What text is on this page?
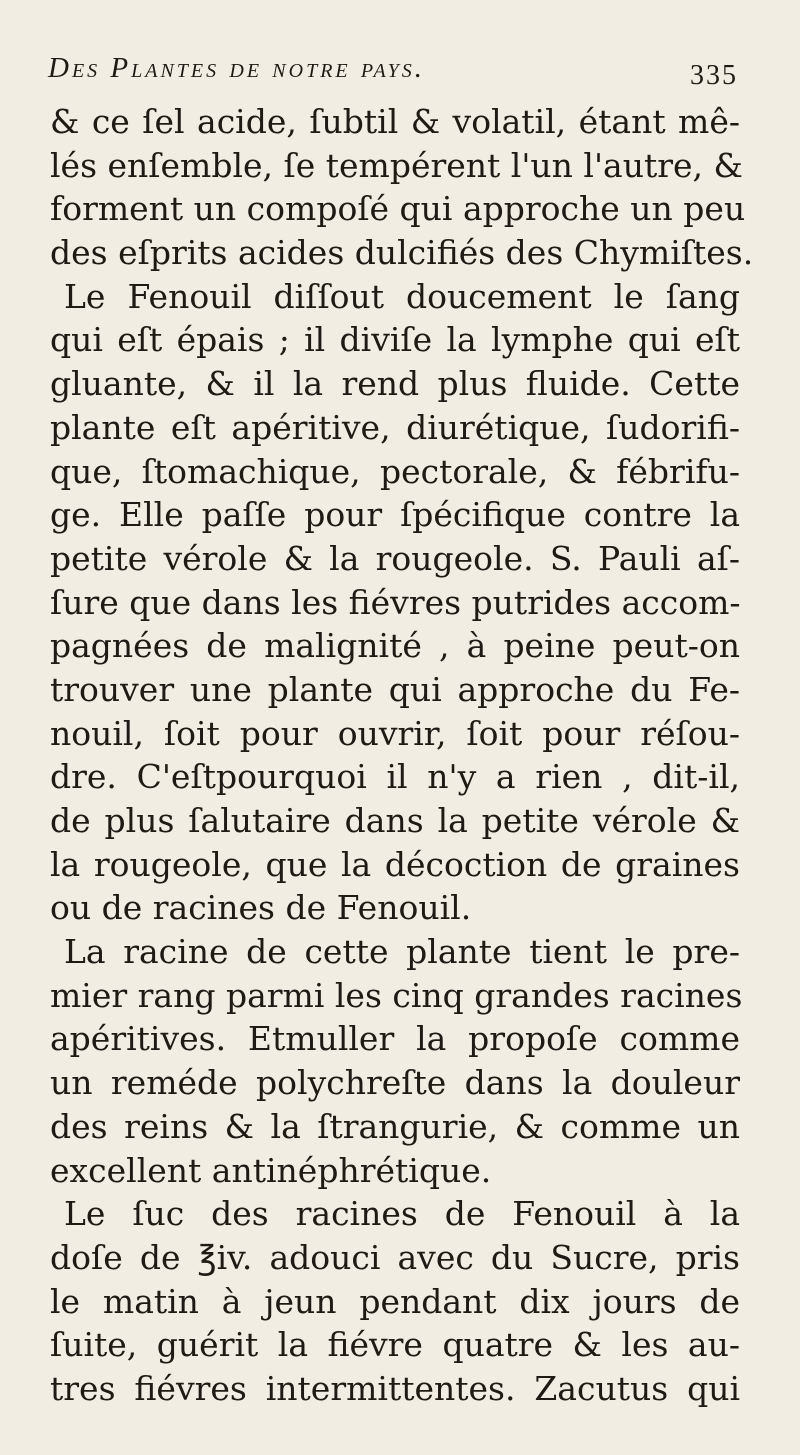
Des Plantes de notre pays.	335
& ce ſel acide, ſubtil & volatil, étant mê-
lés enſemble, ſe tempérent l'un l'autre, &
forment un compoſé qui approche un peu
des eſprits acides dulcifiés des Chymiſtes.
Le Fenouil diſſout doucement le ſang
qui eſt épais ; il diviſe la lymphe qui eſt
gluante, & il la rend plus fluide. Cette
plante eſt apéritive, diurétique, ſudorifi-
que, ſtomachique, pectorale, & fébrifu-
ge. Elle paſſe pour ſpécifique contre la
petite vérole & la rougeole. S. Pauli aſ-
ſure que dans les fiévres putrides accom-
pagnées de malignité , à peine peut-on
trouver une plante qui approche du Fe-
nouil, ſoit pour ouvrir, ſoit pour réſou-
dre. C'eſtpourquoi il n'y a rien , dit-il,
de plus ſalutaire dans la petite vérole &
la rougeole, que la décoction de graines
ou de racines de Fenouil.
La racine de cette plante tient le pre-
mier rang parmi les cinq grandes racines
apéritives. Etmuller la propoſe comme
un reméde polychreſte dans la douleur
des reins & la ſtrangurie, & comme un
excellent antinéphrétique.
Le ſuc des racines de Fenouil à la
doſe de ℥iv. adouci avec du Sucre, pris
le matin à jeun pendant dix jours de
ſuite, guérit la fiévre quatre & les au-
tres fiévres intermittentes. Zacutus qui
